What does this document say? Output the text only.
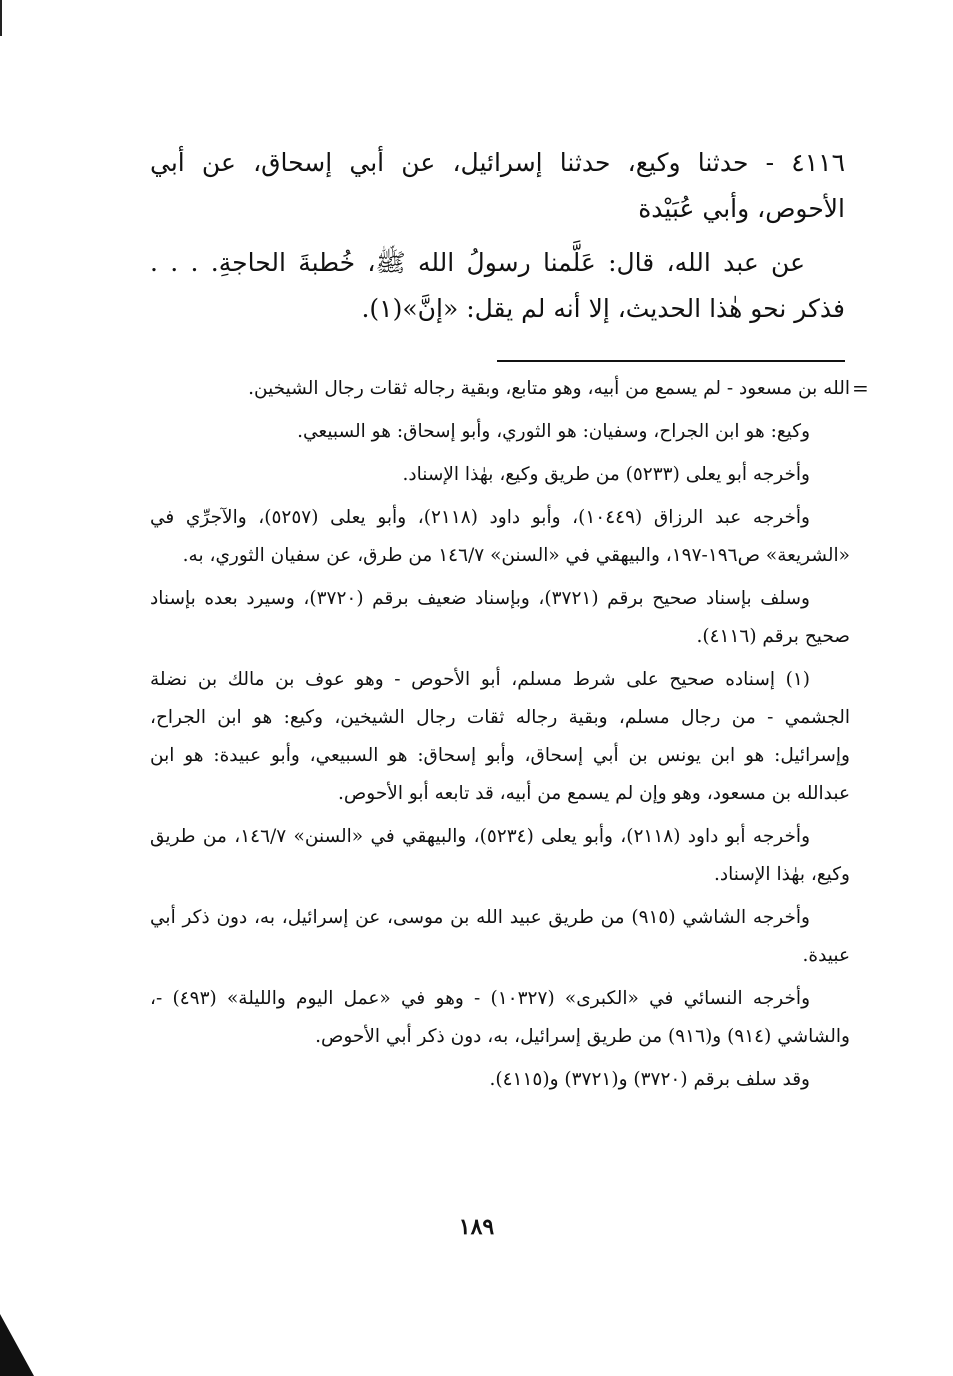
٤١١٦ - حدثنا وكيع، حدثنا إسرائيل، عن أبي إسحاق، عن أبي الأحوص، وأبي عُبَيْدة
عن عبد الله، قال: عَلَّمنا رسولُ الله ﷺ، خُطبةَ الحاجةِ. . . . فذكر نحو هٰذا الحديث، إلا أنه لم يقل: «إنَّ»(١).
=

الله بن مسعود - لم يسمع من أبيه، وهو متابع، وبقية رجاله ثقات رجال الشيخين.

وكيع: هو ابن الجراح، وسفيان: هو الثوري، وأبو إسحاق: هو السبيعي.

وأخرجه أبو يعلى (٥٢٣٣) من طريق وكيع، بهٰذا الإسناد.

وأخرجه عبد الرزاق (١٠٤٤٩)، وأبو داود (٢١١٨)، وأبو يعلى (٥٢٥٧)، والآجرِّي في «الشريعة» ص١٩٦-١٩٧، والبيهقي في «السنن» ١٤٦/٧ من طرق، عن سفيان الثوري، به.

وسلف بإسناد صحيح برقم (٣٧٢١)، وبإسناد ضعيف برقم (٣٧٢٠)، وسيرد بعده بإسناد صحيح برقم (٤١١٦).

(١) إسناده صحيح على شرط مسلم، أبو الأحوص - وهو عوف بن مالك بن نضلة الجشمي - من رجال مسلم، وبقية رجاله ثقات رجال الشيخين، وكيع: هو ابن الجراح، وإسرائيل: هو ابن يونس بن أبي إسحاق، وأبو إسحاق: هو السبيعي، وأبو عبيدة: هو ابن عبدالله بن مسعود، وهو وإن لم يسمع من أبيه، قد تابعه أبو الأحوص.

وأخرجه أبو داود (٢١١٨)، وأبو يعلى (٥٢٣٤)، والبيهقي في «السنن» ١٤٦/٧، من طريق وكيع، بهٰذا الإسناد.

وأخرجه الشاشي (٩١٥) من طريق عبيد الله بن موسى، عن إسرائيل، به، دون ذكر أبي عبيدة.

وأخرجه النسائي في «الكبرى» (١٠٣٢٧) - وهو في «عمل اليوم والليلة» (٤٩٣) -، والشاشي (٩١٤) و(٩١٦) من طريق إسرائيل، به، دون ذكر أبي الأحوص.

وقد سلف برقم (٣٧٢٠) و(٣٧٢١) و(٤١١٥).

١٨٩
